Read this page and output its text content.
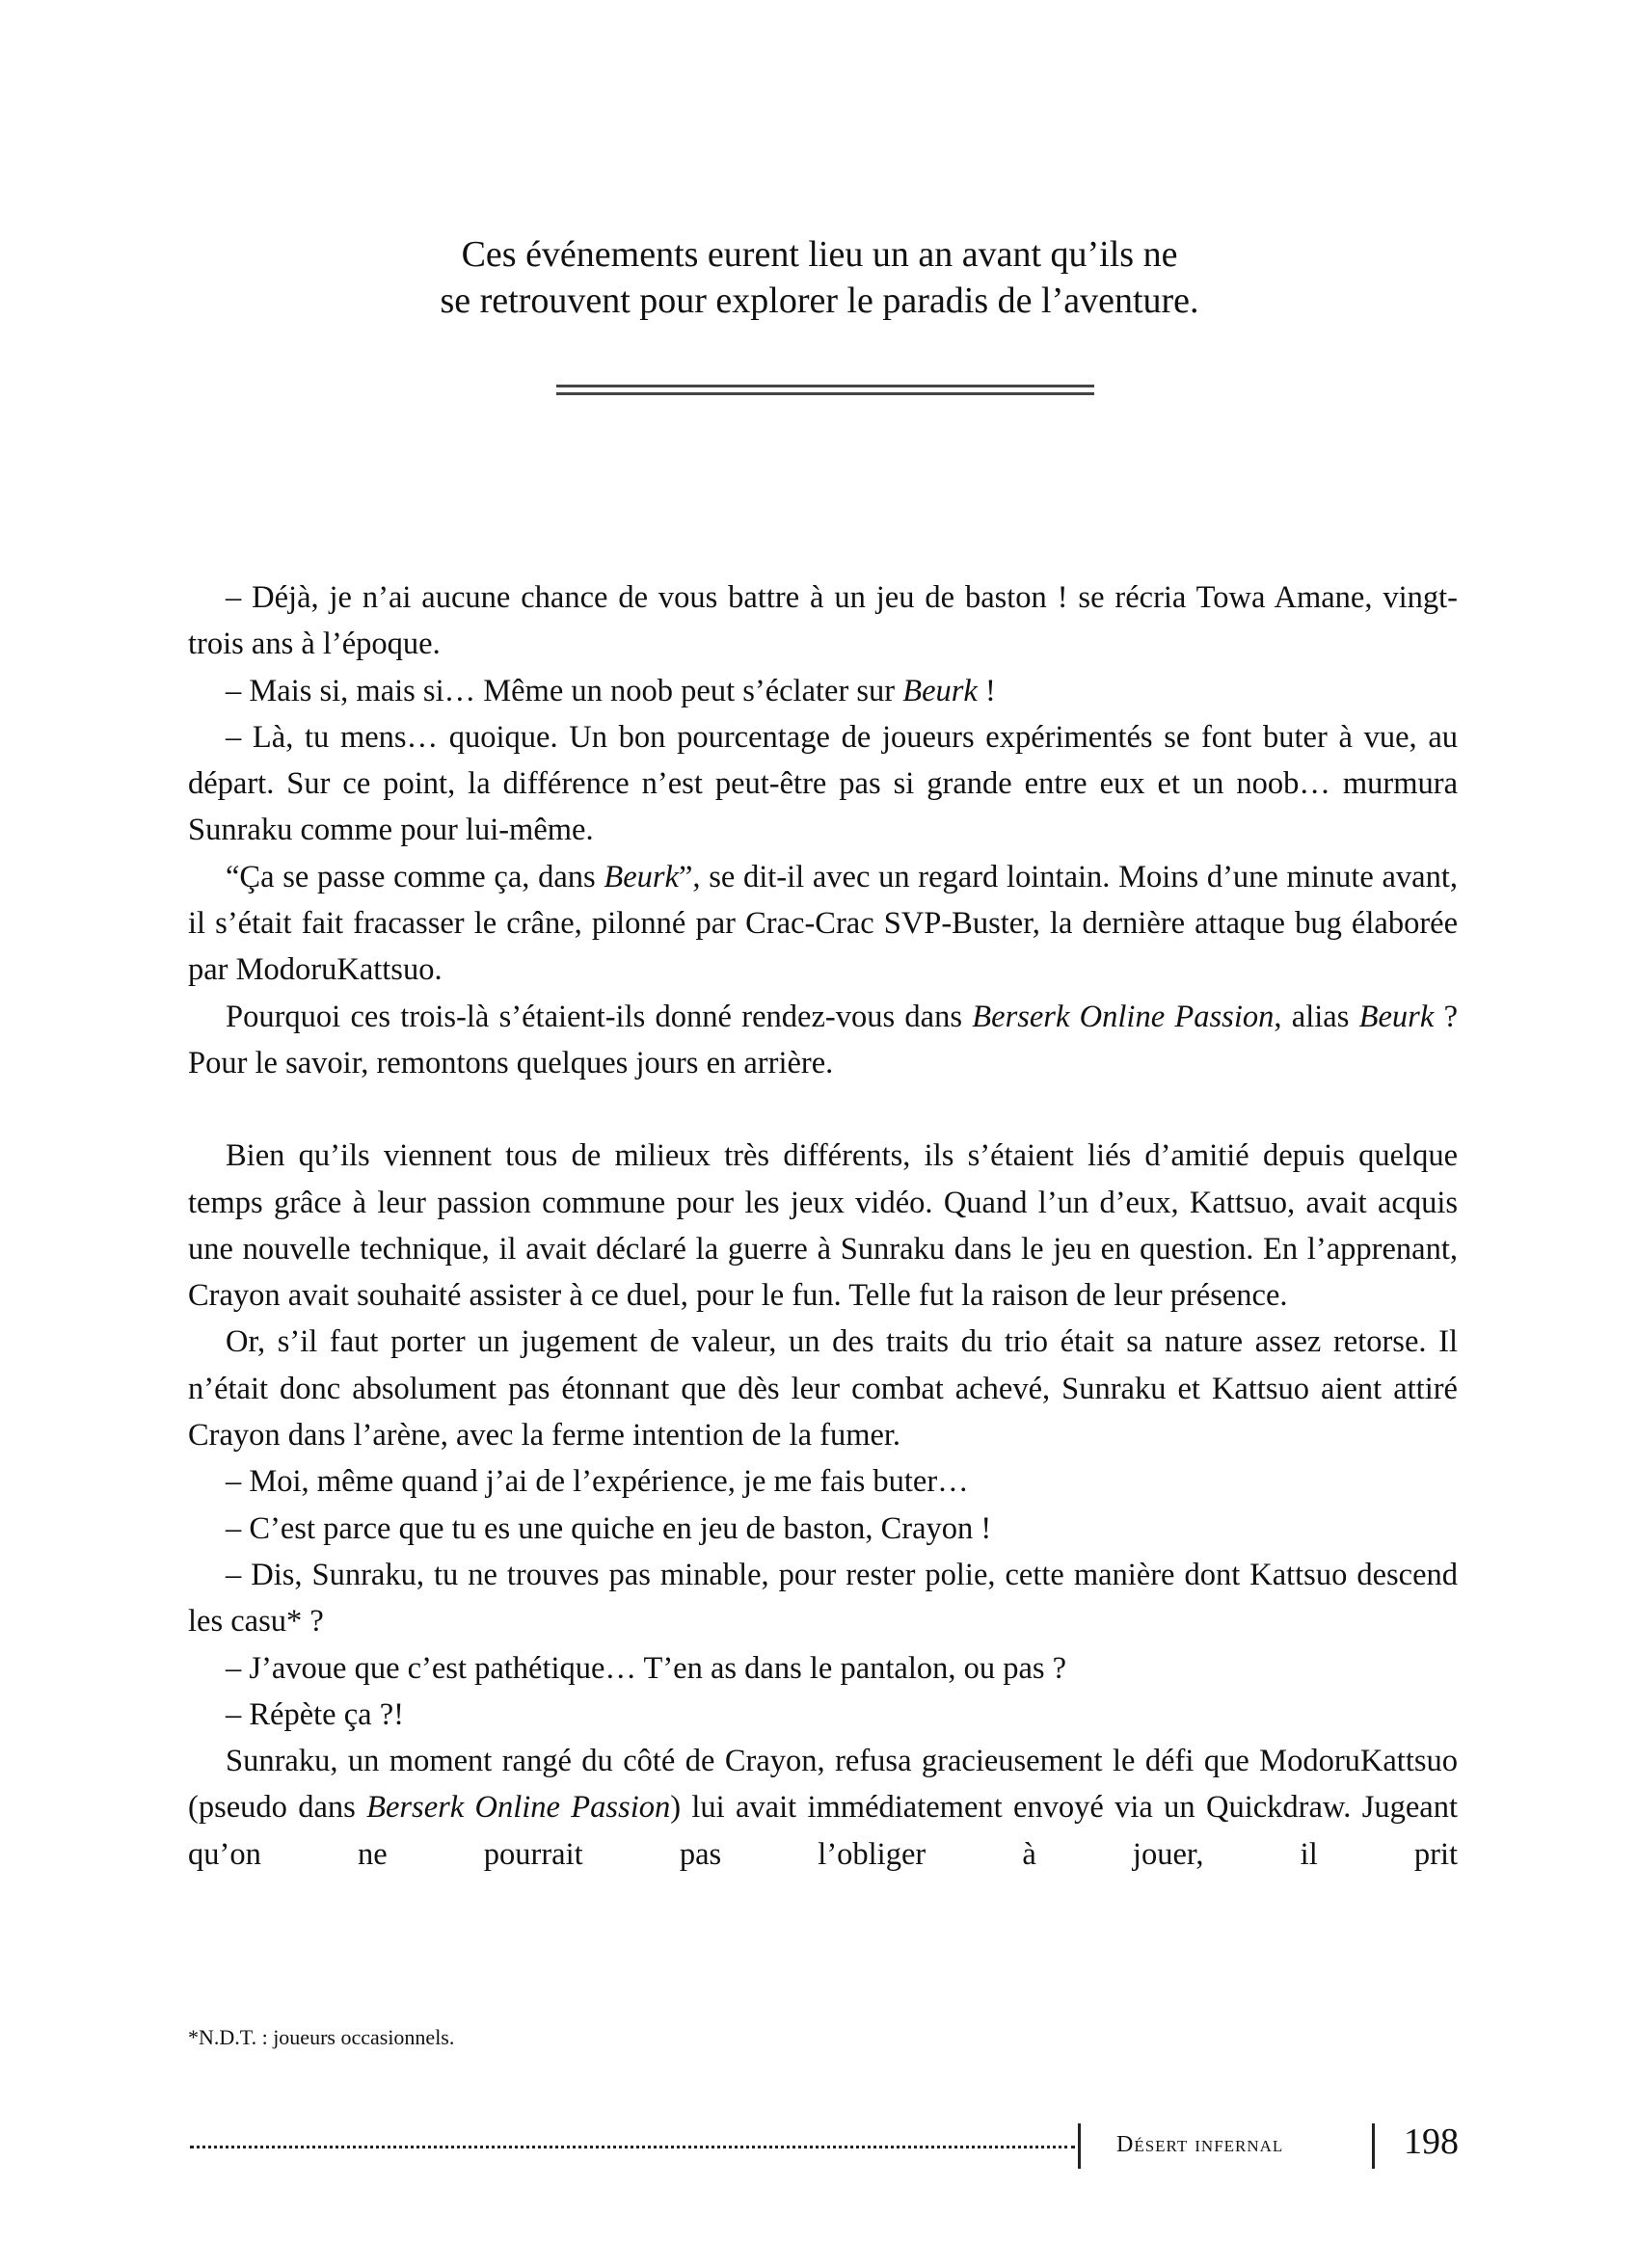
Ces événements eurent lieu un an avant qu’ils ne
se retrouvent pour explorer le paradis de l’aventure.

– Déjà, je n’ai aucune chance de vous battre à un jeu de baston ! se récria Towa Amane, vingt-trois ans à l’époque.

– Mais si, mais si… Même un noob peut s’éclater sur Beurk !

– Là, tu mens… quoique. Un bon pourcentage de joueurs expérimentés se font buter à vue, au départ. Sur ce point, la différence n’est peut-être pas si grande entre eux et un noob… murmura Sunraku comme pour lui-même.

“Ça se passe comme ça, dans Beurk”, se dit-il avec un regard lointain. Moins d’une minute avant, il s’était fait fracasser le crâne, pilonné par Crac-Crac SVP-Buster, la dernière attaque bug élaborée par ModoruKattsuo.

Pourquoi ces trois-là s’étaient-ils donné rendez-vous dans Berserk Online Passion, alias Beurk ? Pour le savoir, remontons quelques jours en arrière.

Bien qu’ils viennent tous de milieux très différents, ils s’étaient liés d’amitié depuis quelque temps grâce à leur passion commune pour les jeux vidéo. Quand l’un d’eux, Kattsuo, avait acquis une nouvelle technique, il avait déclaré la guerre à Sunraku dans le jeu en question. En l’apprenant, Crayon avait souhaité assister à ce duel, pour le fun. Telle fut la raison de leur présence.

Or, s’il faut porter un jugement de valeur, un des traits du trio était sa nature assez retorse. Il n’était donc absolument pas étonnant que dès leur combat achevé, Sunraku et Kattsuo aient attiré Crayon dans l’arène, avec la ferme intention de la fumer.

– Moi, même quand j’ai de l’expérience, je me fais buter…

– C’est parce que tu es une quiche en jeu de baston, Crayon !

– Dis, Sunraku, tu ne trouves pas minable, pour rester polie, cette manière dont Kattsuo descend les casu* ?

– J’avoue que c’est pathétique… T’en as dans le pantalon, ou pas ?

– Répète ça ?!

Sunraku, un moment rangé du côté de Crayon, refusa gracieusement le défi que ModoruKattsuo (pseudo dans Berserk Online Passion) lui avait immédiatement envoyé via un Quickdraw. Jugeant qu’on ne pourrait pas l’obliger à jouer, il prit

*N.D.T. : joueurs occasionnels.
Désert infernal	198
